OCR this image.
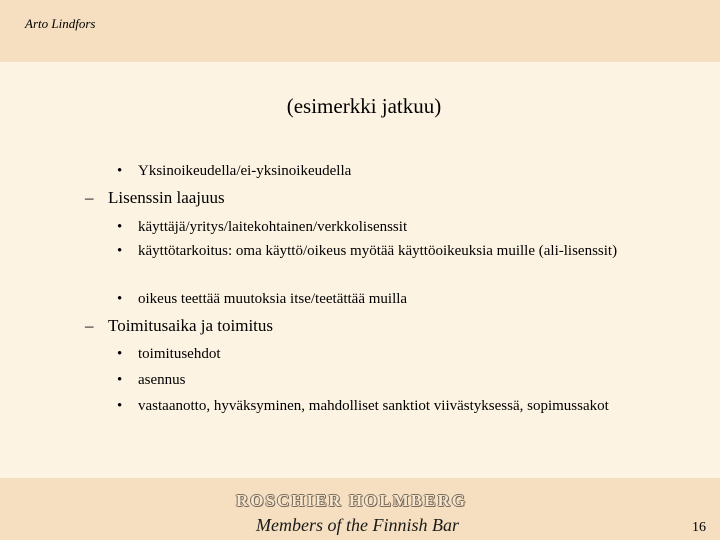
Arto Lindfors
(esimerkki jatkuu)
• Yksinoikeudella/ei-yksinoikeudella
– Lisenssin laajuus
• käyttäjä/yritys/laitekohtainen/verkkolisenssit
• käyttötarkoitus: oma käyttö/oikeus myötää käyttöoikeuksia muille (ali-lisenssit)
• oikeus teettää muutoksia itse/teetättää muilla
– Toimitusaika ja toimitus
• toimitusehdot
• asennus
• vastaanotto, hyväksyminen, mahdolliset sanktiot viivästyksessä, sopimussakot
ROSCHIER HOLMBERG
Members of the Finnish Bar	16
